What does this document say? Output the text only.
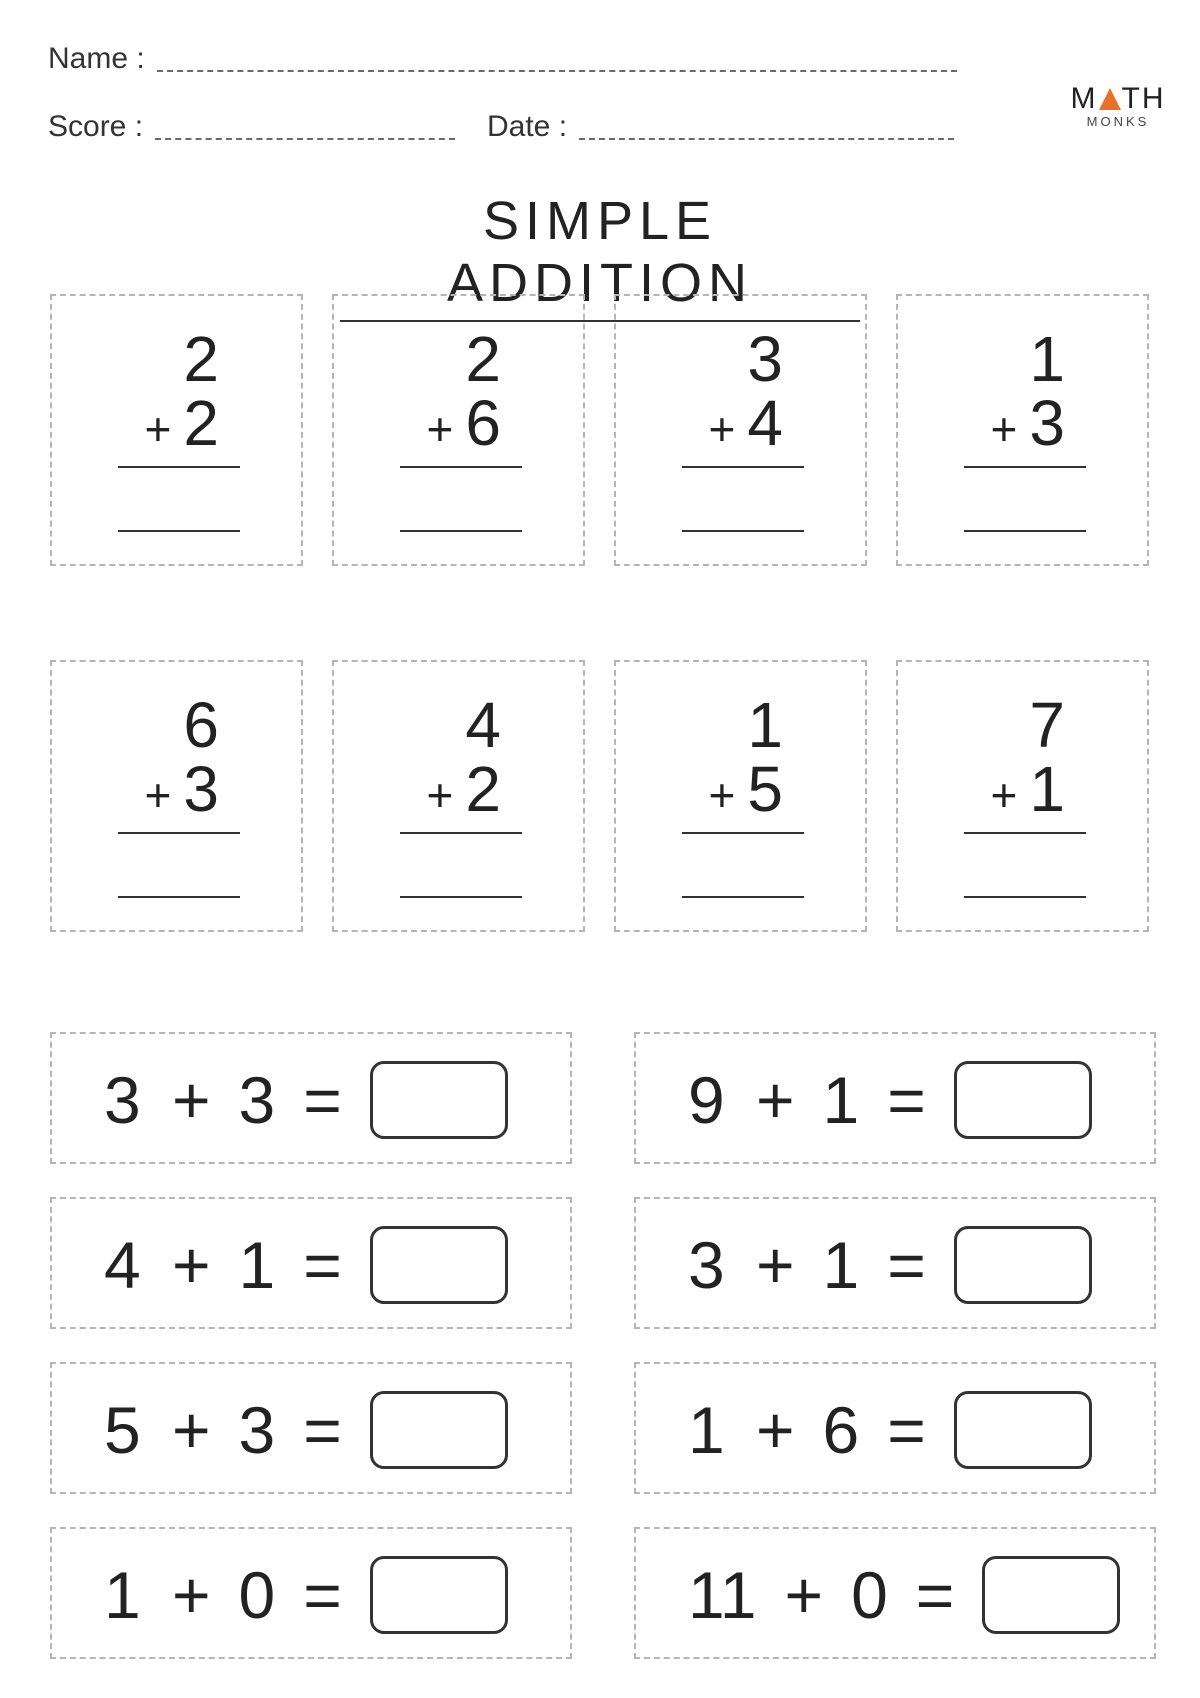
Name :
Score :	Date :
M TH
MONKS
SIMPLE ADDITION
2
+ 2
2
+ 6
3
+ 4
1
+ 3
6
+ 3
4
+ 2
1
+ 5
7
+ 1
3 + 3 =	9 + 1 =
4 + 1 =	3 + 1 =
5 + 3 =	1 + 6 =
1 + 0 =	11 + 0 =
